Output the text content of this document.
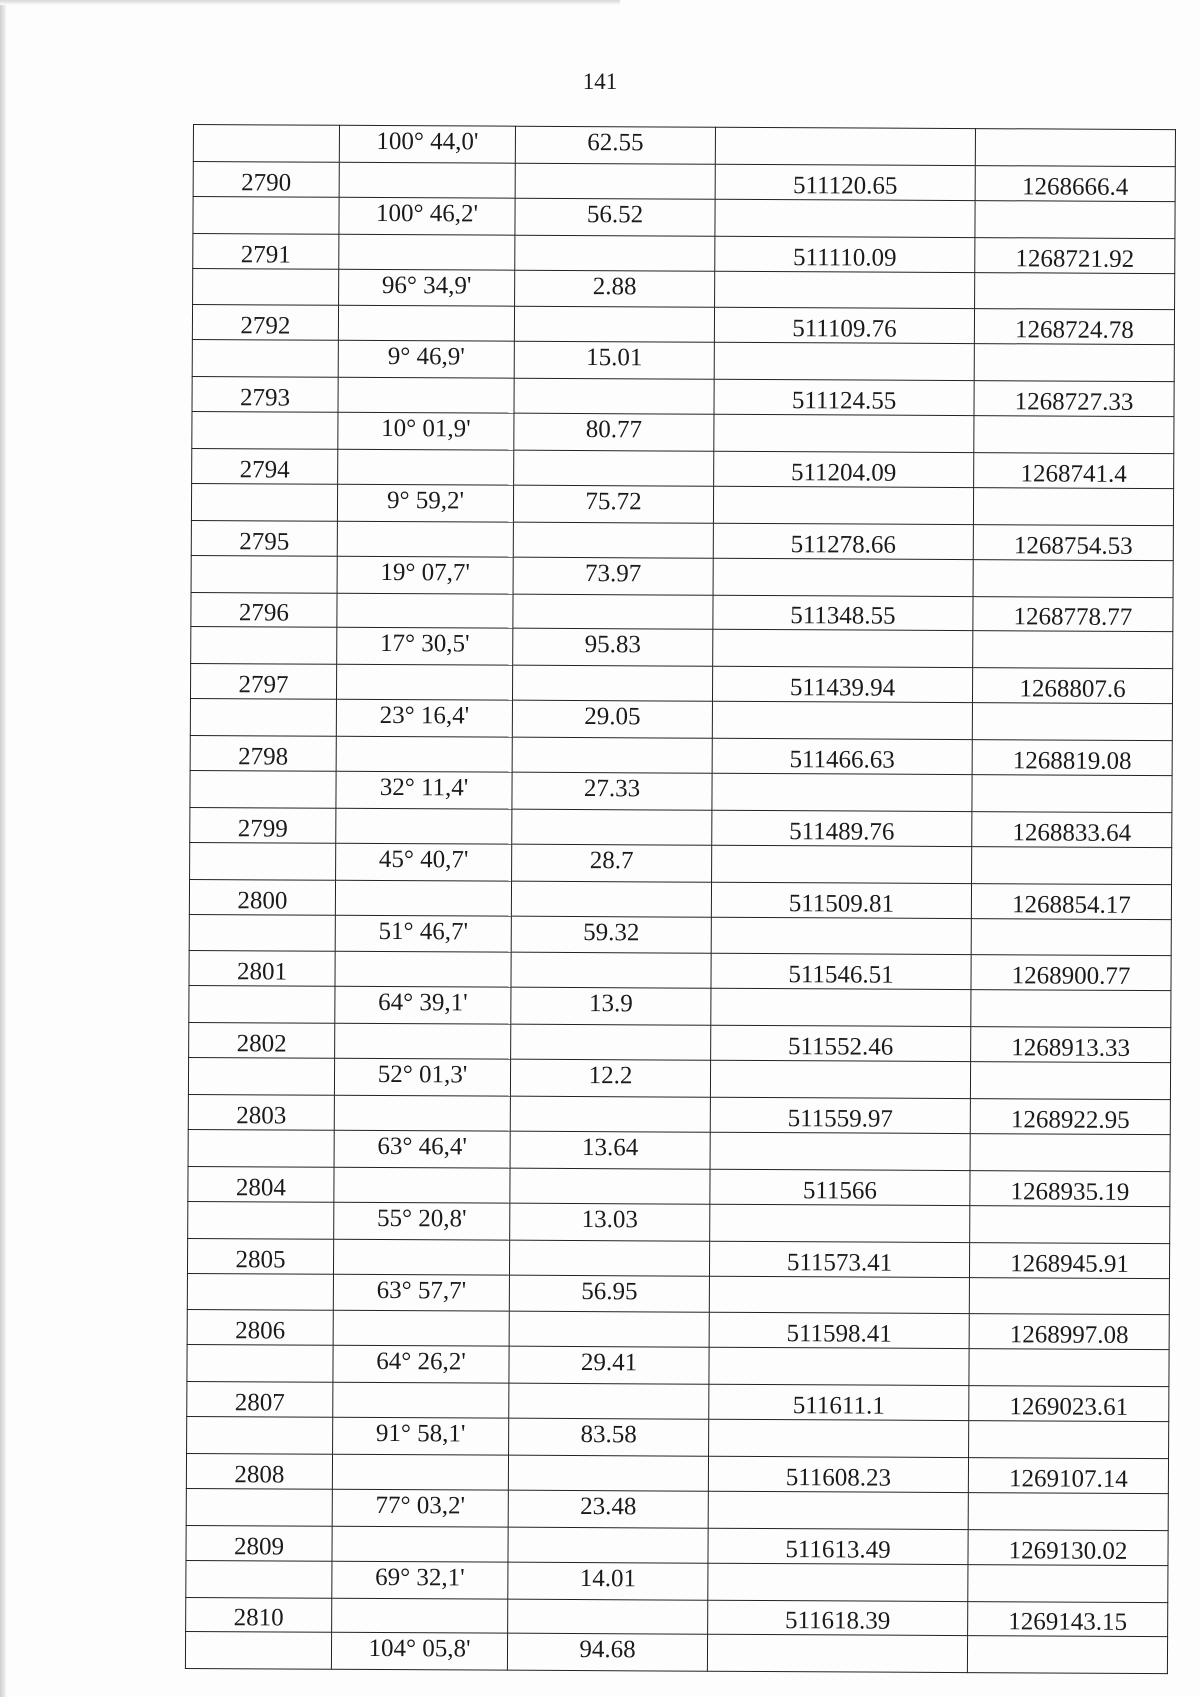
141
	100° 44,0'	62.55		
2790			511120.65	1268666.4
	100° 46,2'	56.52		
2791			511110.09	1268721.92
	96° 34,9'	2.88		
2792			511109.76	1268724.78
	9° 46,9'	15.01		
2793			511124.55	1268727.33
	10° 01,9'	80.77		
2794			511204.09	1268741.4
	9° 59,2'	75.72		
2795			511278.66	1268754.53
	19° 07,7'	73.97		
2796			511348.55	1268778.77
	17° 30,5'	95.83		
2797			511439.94	1268807.6
	23° 16,4'	29.05		
2798			511466.63	1268819.08
	32° 11,4'	27.33		
2799			511489.76	1268833.64
	45° 40,7'	28.7		
2800			511509.81	1268854.17
	51° 46,7'	59.32		
2801			511546.51	1268900.77
	64° 39,1'	13.9		
2802			511552.46	1268913.33
	52° 01,3'	12.2		
2803			511559.97	1268922.95
	63° 46,4'	13.64		
2804			511566	1268935.19
	55° 20,8'	13.03		
2805			511573.41	1268945.91
	63° 57,7'	56.95		
2806			511598.41	1268997.08
	64° 26,2'	29.41		
2807			511611.1	1269023.61
	91° 58,1'	83.58		
2808			511608.23	1269107.14
	77° 03,2'	23.48		
2809			511613.49	1269130.02
	69° 32,1'	14.01		
2810			511618.39	1269143.15
	104° 05,8'	94.68		
